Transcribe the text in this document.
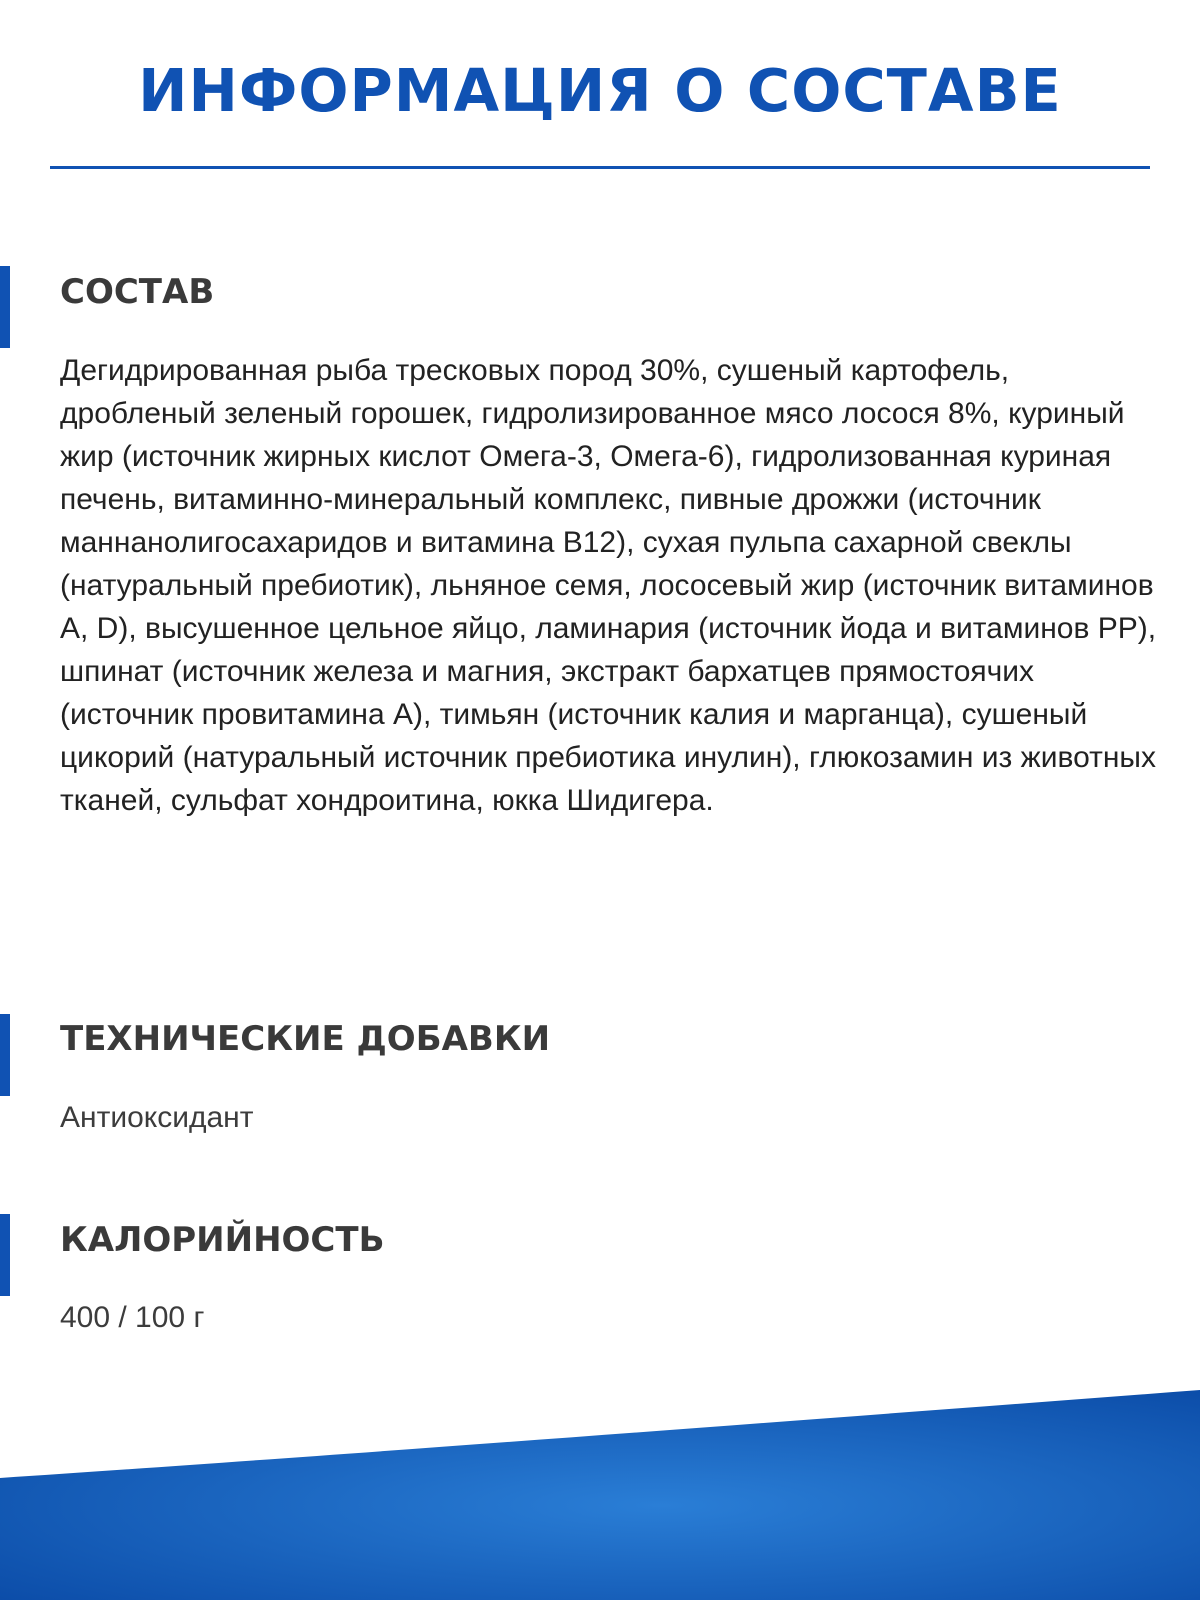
ИНФОРМАЦИЯ О СОСТАВЕ
СОСТАВ

Дегидрированная рыба тресковых пород 30%, сушеный картофель, дробленый зеленый горошек, гидролизированное мясо лосося 8%, куриный жир (источник жирных кислот Омега-3, Омега-6), гидролизованная куриная печень, витаминно-минеральный комплекс, пивные дрожжи (источник маннанолигосахаридов и витамина B12), сухая пульпа сахарной свеклы (натуральный пребиотик), льняное семя, лососевый жир (источник витаминов A, D), высушенное цельное яйцо, ламинария (источник йода и витаминов PP), шпинат (источник железа и магния, экстракт бархатцев прямостоячих (источник провитамина A), тимьян (источник калия и марганца), сушеный цикорий (натуральный источник пребиотика инулин), глюкозамин из животных тканей, сульфат хондроитина, юкка Шидигера.

ТЕХНИЧЕСКИЕ ДОБАВКИ

Антиоксидант

КАЛОРИЙНОСТЬ

400 / 100 г
